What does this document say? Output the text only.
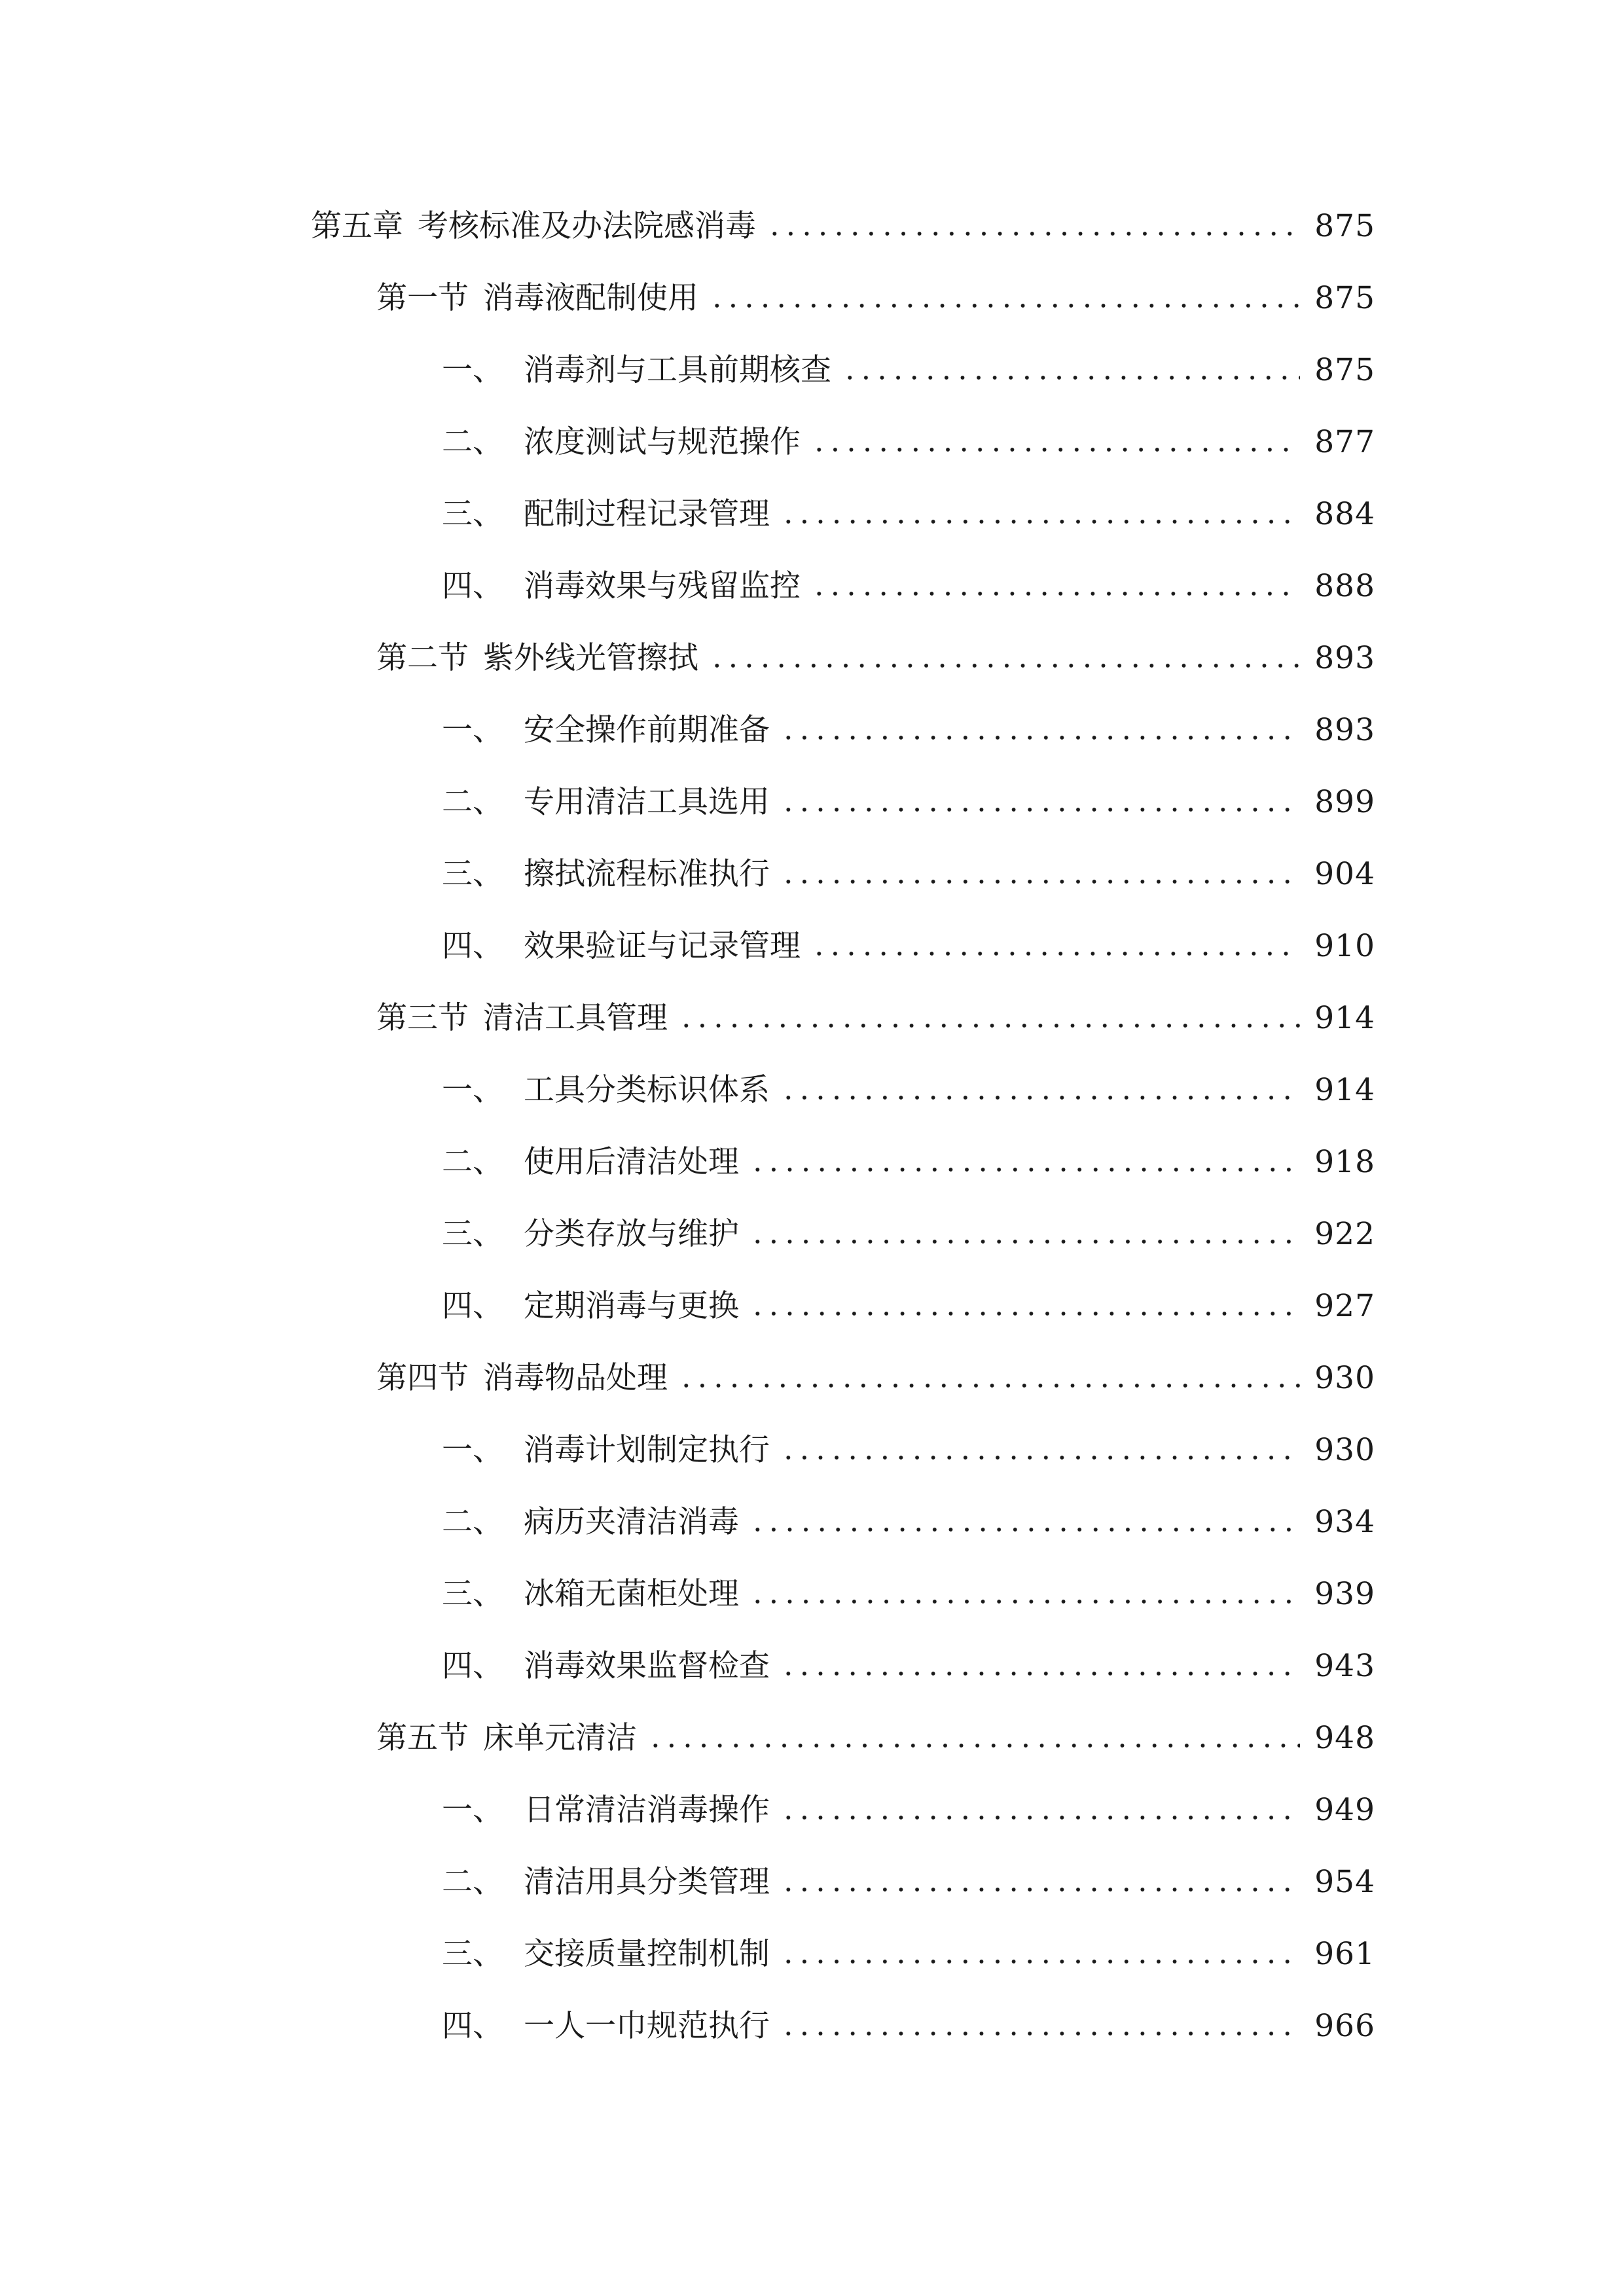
第五章 考核标准及办法院感消毒	875
第一节 消毒液配制使用	875
一、 消毒剂与工具前期核查	875
二、 浓度测试与规范操作	877
三、 配制过程记录管理	884
四、 消毒效果与残留监控	888
第二节 紫外线光管擦拭	893
一、 安全操作前期准备	893
二、 专用清洁工具选用	899
三、 擦拭流程标准执行	904
四、 效果验证与记录管理	910
第三节 清洁工具管理	914
一、 工具分类标识体系	914
二、 使用后清洁处理	918
三、 分类存放与维护	922
四、 定期消毒与更换	927
第四节 消毒物品处理	930
一、 消毒计划制定执行	930
二、 病历夹清洁消毒	934
三、 冰箱无菌柜处理	939
四、 消毒效果监督检查	943
第五节 床单元清洁	948
一、 日常清洁消毒操作	949
二、 清洁用具分类管理	954
三、 交接质量控制机制	961
四、 一人一巾规范执行	966
